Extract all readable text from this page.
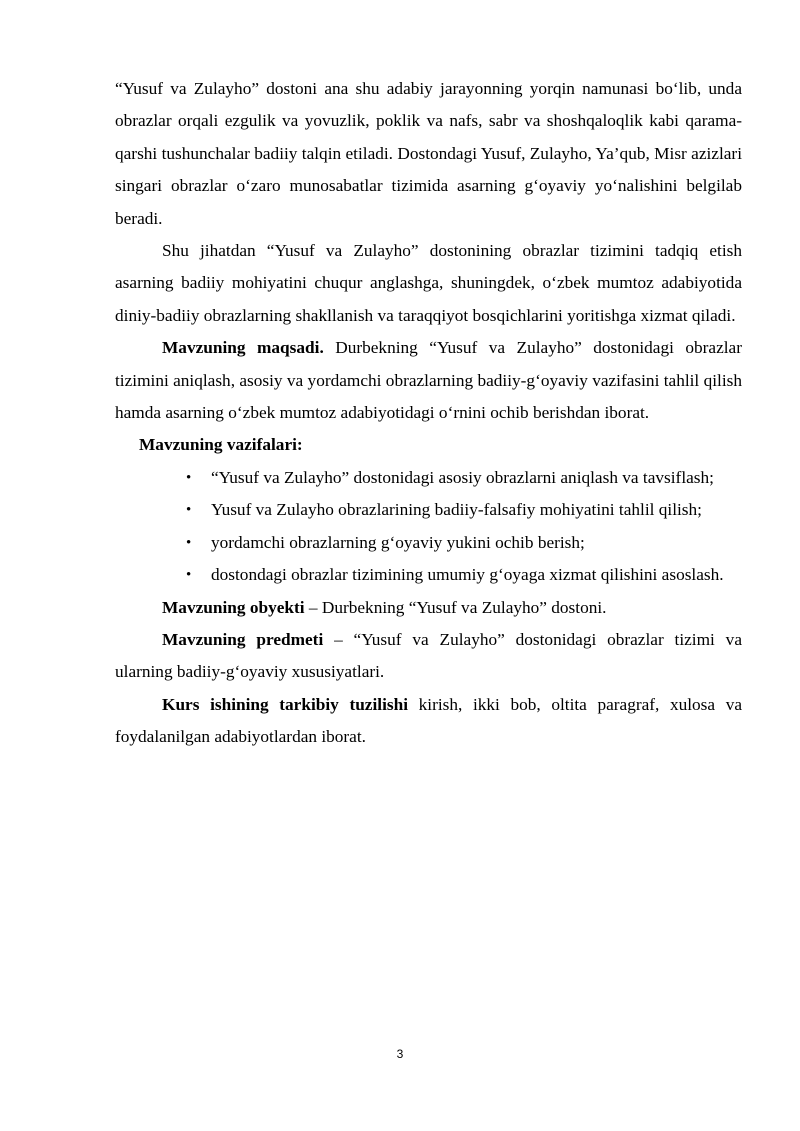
“Yusuf va Zulayho” dostoni ana shu adabiy jarayonning yorqin namunasi bo‘lib, unda obrazlar orqali ezgulik va yovuzlik, poklik va nafs, sabr va shoshqaloqlik kabi qarama-qarshi tushunchalar badiiy talqin etiladi. Dostondagi Yusuf, Zulayho, Ya’qub, Misr azizlari singari obrazlar o‘zaro munosabatlar tizimida asarning g‘oyaviy yo‘nalishini belgilab beradi.

Shu jihatdan “Yusuf va Zulayho” dostonining obrazlar tizimini tadqiq etish asarning badiiy mohiyatini chuqur anglashga, shuningdek, o‘zbek mumtoz adabiyotida diniy-badiiy obrazlarning shakllanish va taraqqiyot bosqichlarini yoritishga xizmat qiladi.

Mavzuning maqsadi. Durbekning “Yusuf va Zulayho” dostonidagi obrazlar tizimini aniqlash, asosiy va yordamchi obrazlarning badiiy-g‘oyaviy vazifasini tahlil qilish hamda asarning o‘zbek mumtoz adabiyotidagi o‘rnini ochib berishdan iborat.

Mavzuning vazifalari:

• “Yusuf va Zulayho” dostonidagi asosiy obrazlarni aniqlash va tavsiflash;
• Yusuf va Zulayho obrazlarining badiiy-falsafiy mohiyatini tahlil qilish;
• yordamchi obrazlarning g‘oyaviy yukini ochib berish;
• dostondagi obrazlar tizimining umumiy g‘oyaga xizmat qilishini asoslash.

Mavzuning obyekti – Durbekning “Yusuf va Zulayho” dostoni.

Mavzuning predmeti – “Yusuf va Zulayho” dostonidagi obrazlar tizimi va ularning badiiy-g‘oyaviy xususiyatlari.

Kurs ishining tarkibiy tuzilishi kirish, ikki bob, oltita paragraf, xulosa va foydalanilgan adabiyotlardan iborat.

3
